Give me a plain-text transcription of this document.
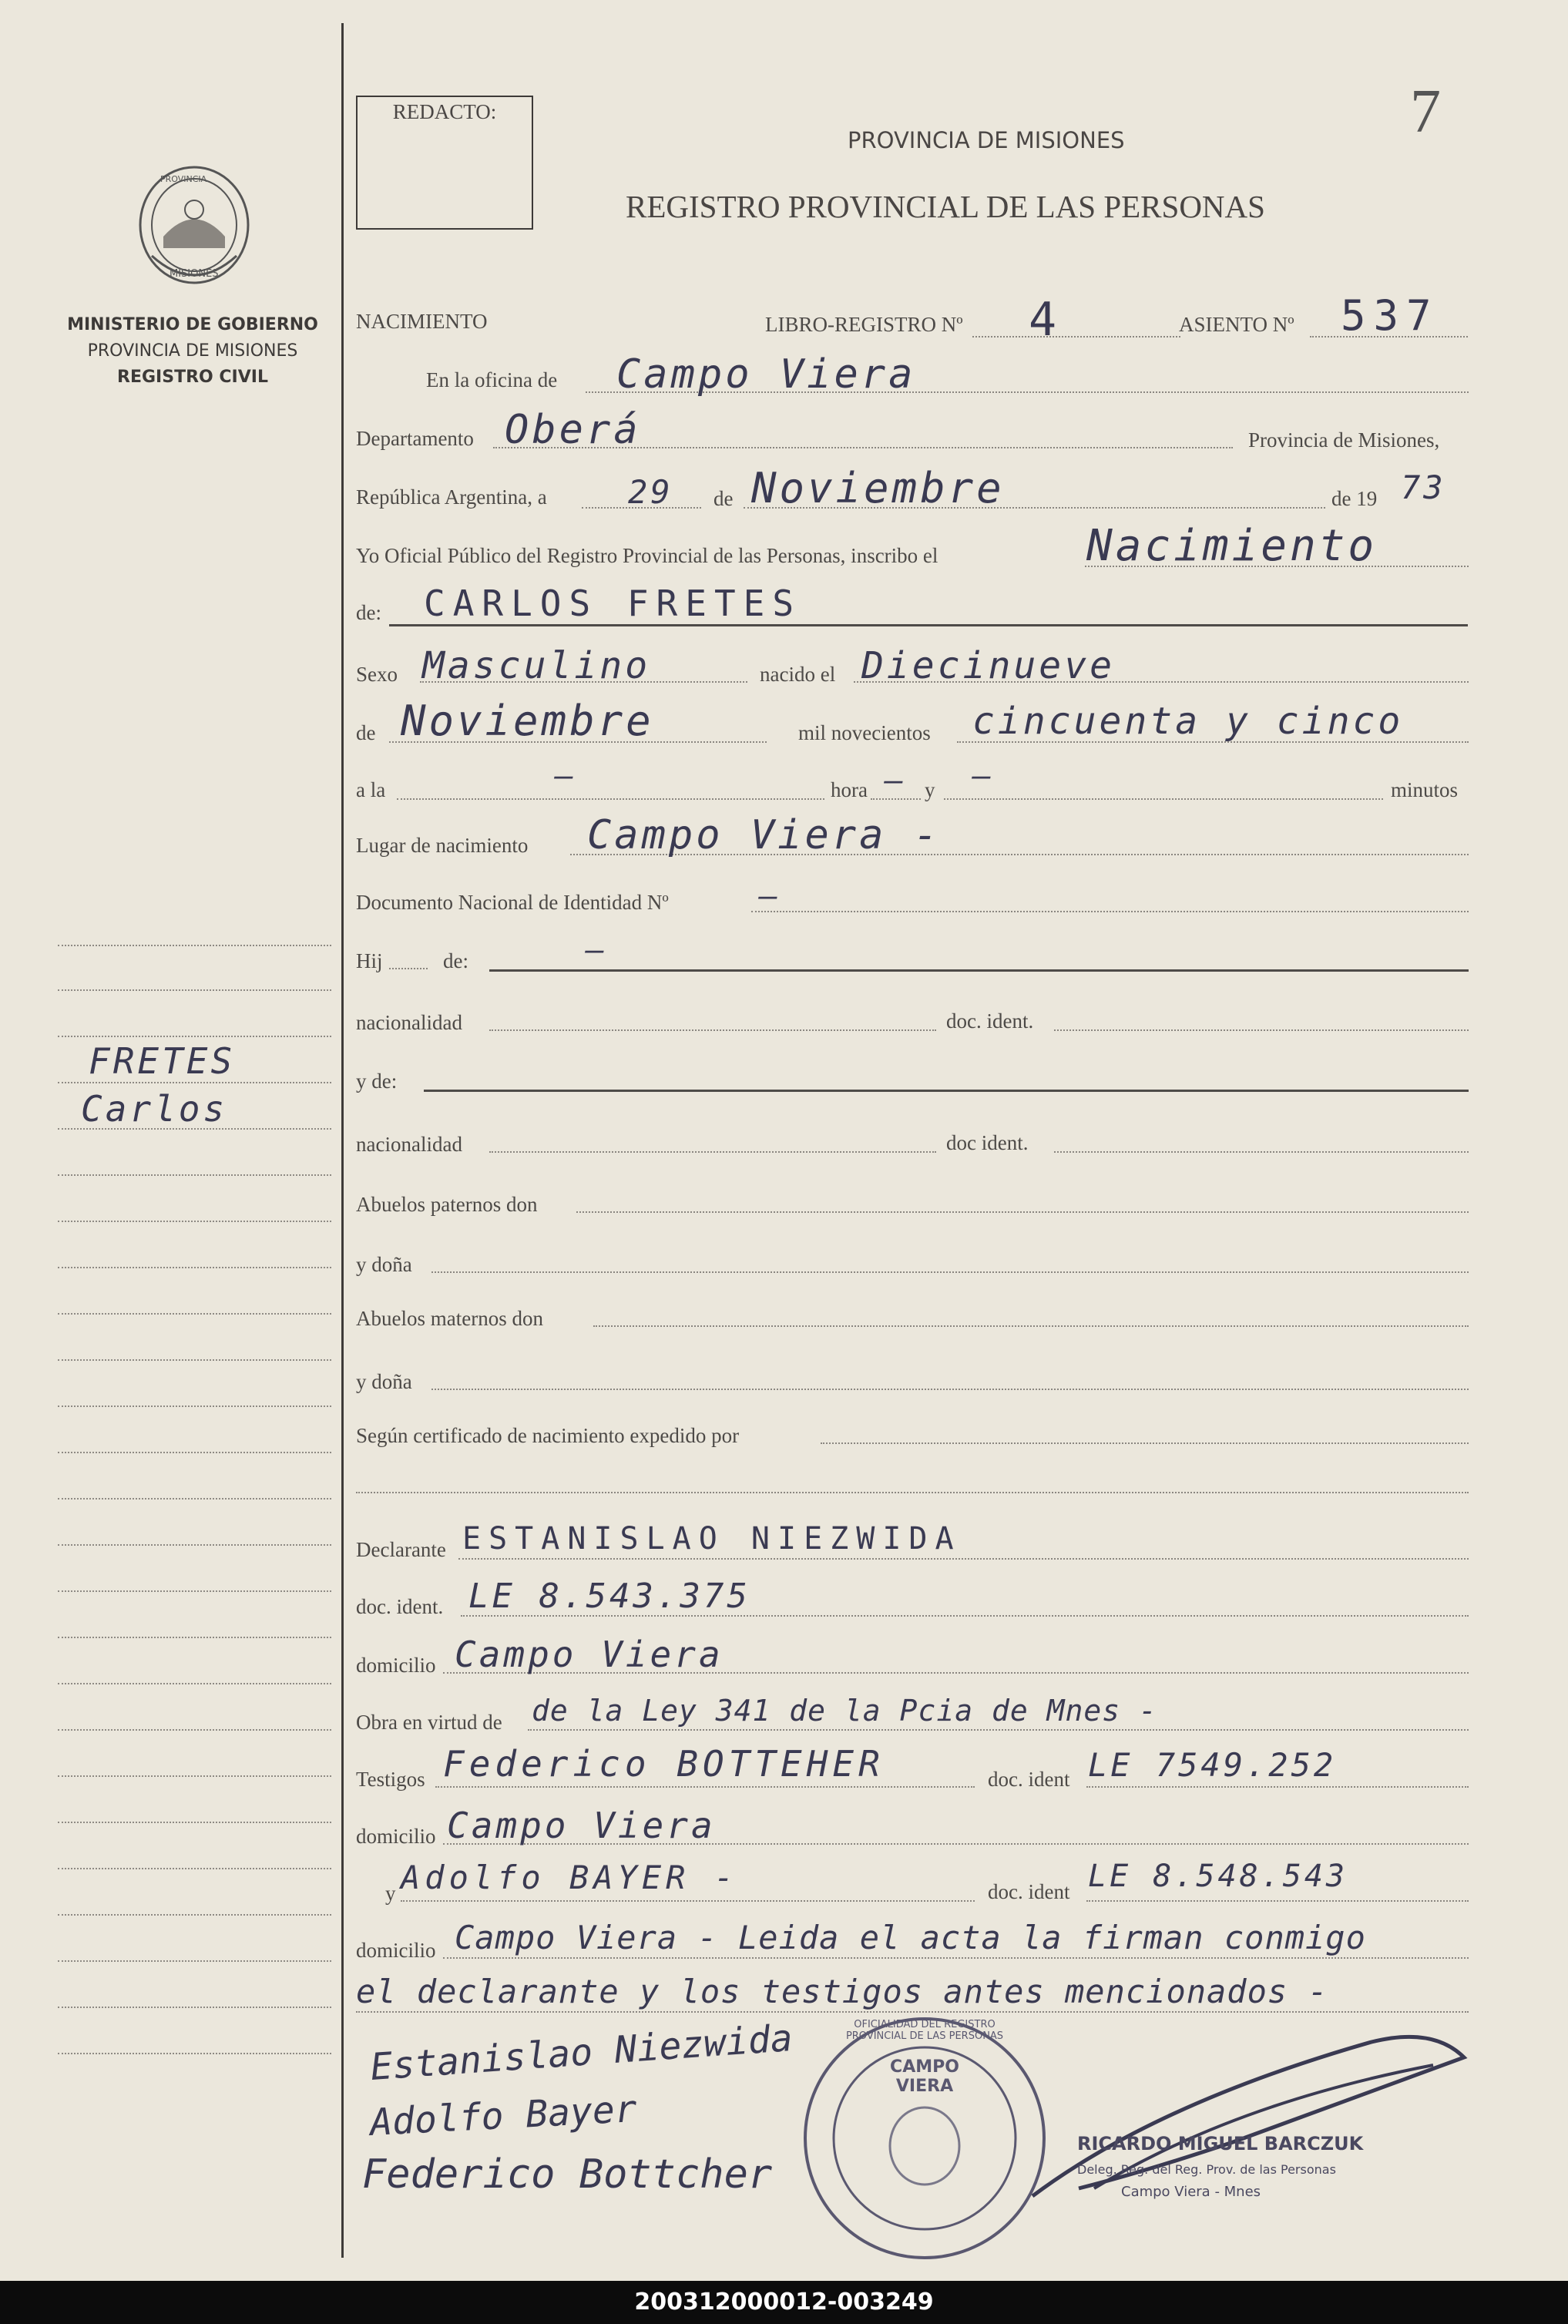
7
REDACTO:
PROVINCIA DE MISIONES
REGISTRO PROVINCIAL DE LAS PERSONAS
PROVINCIA
MISIONES
MINISTERIO DE GOBIERNO
PROVINCIA DE MISIONES
REGISTRO CIVIL
FRETES
Carlos
NACIMIENTO	LIBRO-REGISTRO Nº 4	ASIENTO Nº 537
En la oficina de Campo Viera
Departamento Oberá	Provincia de Misiones,
República Argentina, a	29 de Noviembre	de 19 73
Yo Oficial Público del Registro Provincial de las Personas, inscribo el	Nacimiento
de: CARLOS FRETES
Sexo Masculino	nacido el Diecinueve
de Noviembre	mil novecientos cincuenta y cinco
a la	–	hora – y –	minutos
Lugar de nacimiento Campo Viera -
Documento Nacional de Identidad Nº	–
Hij	de:	–
nacionalidad	doc. ident.
y de:
nacionalidad	doc ident.
Abuelos paternos don
y doña
Abuelos maternos don
y doña
Según certificado de nacimiento expedido por
Declarante ESTANISLAO NIEZWIDA
doc. ident. LE 8.543.375
domicilio Campo Viera
Obra en virtud de de la Ley 341 de la Pcia de Mnes -
Testigos Federico BOTTEHER	doc. ident LE 7549.252
domicilio Campo Viera
y Adolfo BAYER -	doc. ident LE 8.548.543
domicilio Campo Viera - Leida el acta la firman conmigo
el declarante y los testigos antes mencionados -
Estanislao Niezwida
Adolfo Bayer
Federico Bottcher
CAMPO VIERA
OFICIALIDAD DEL REGISTRO PROVINCIAL DE LAS PERSONAS
RICARDO MIGUEL BARCZUK
Deleg. Reg. del Reg. Prov. de las Personas
Campo Viera - Mnes
200312000012-003249
